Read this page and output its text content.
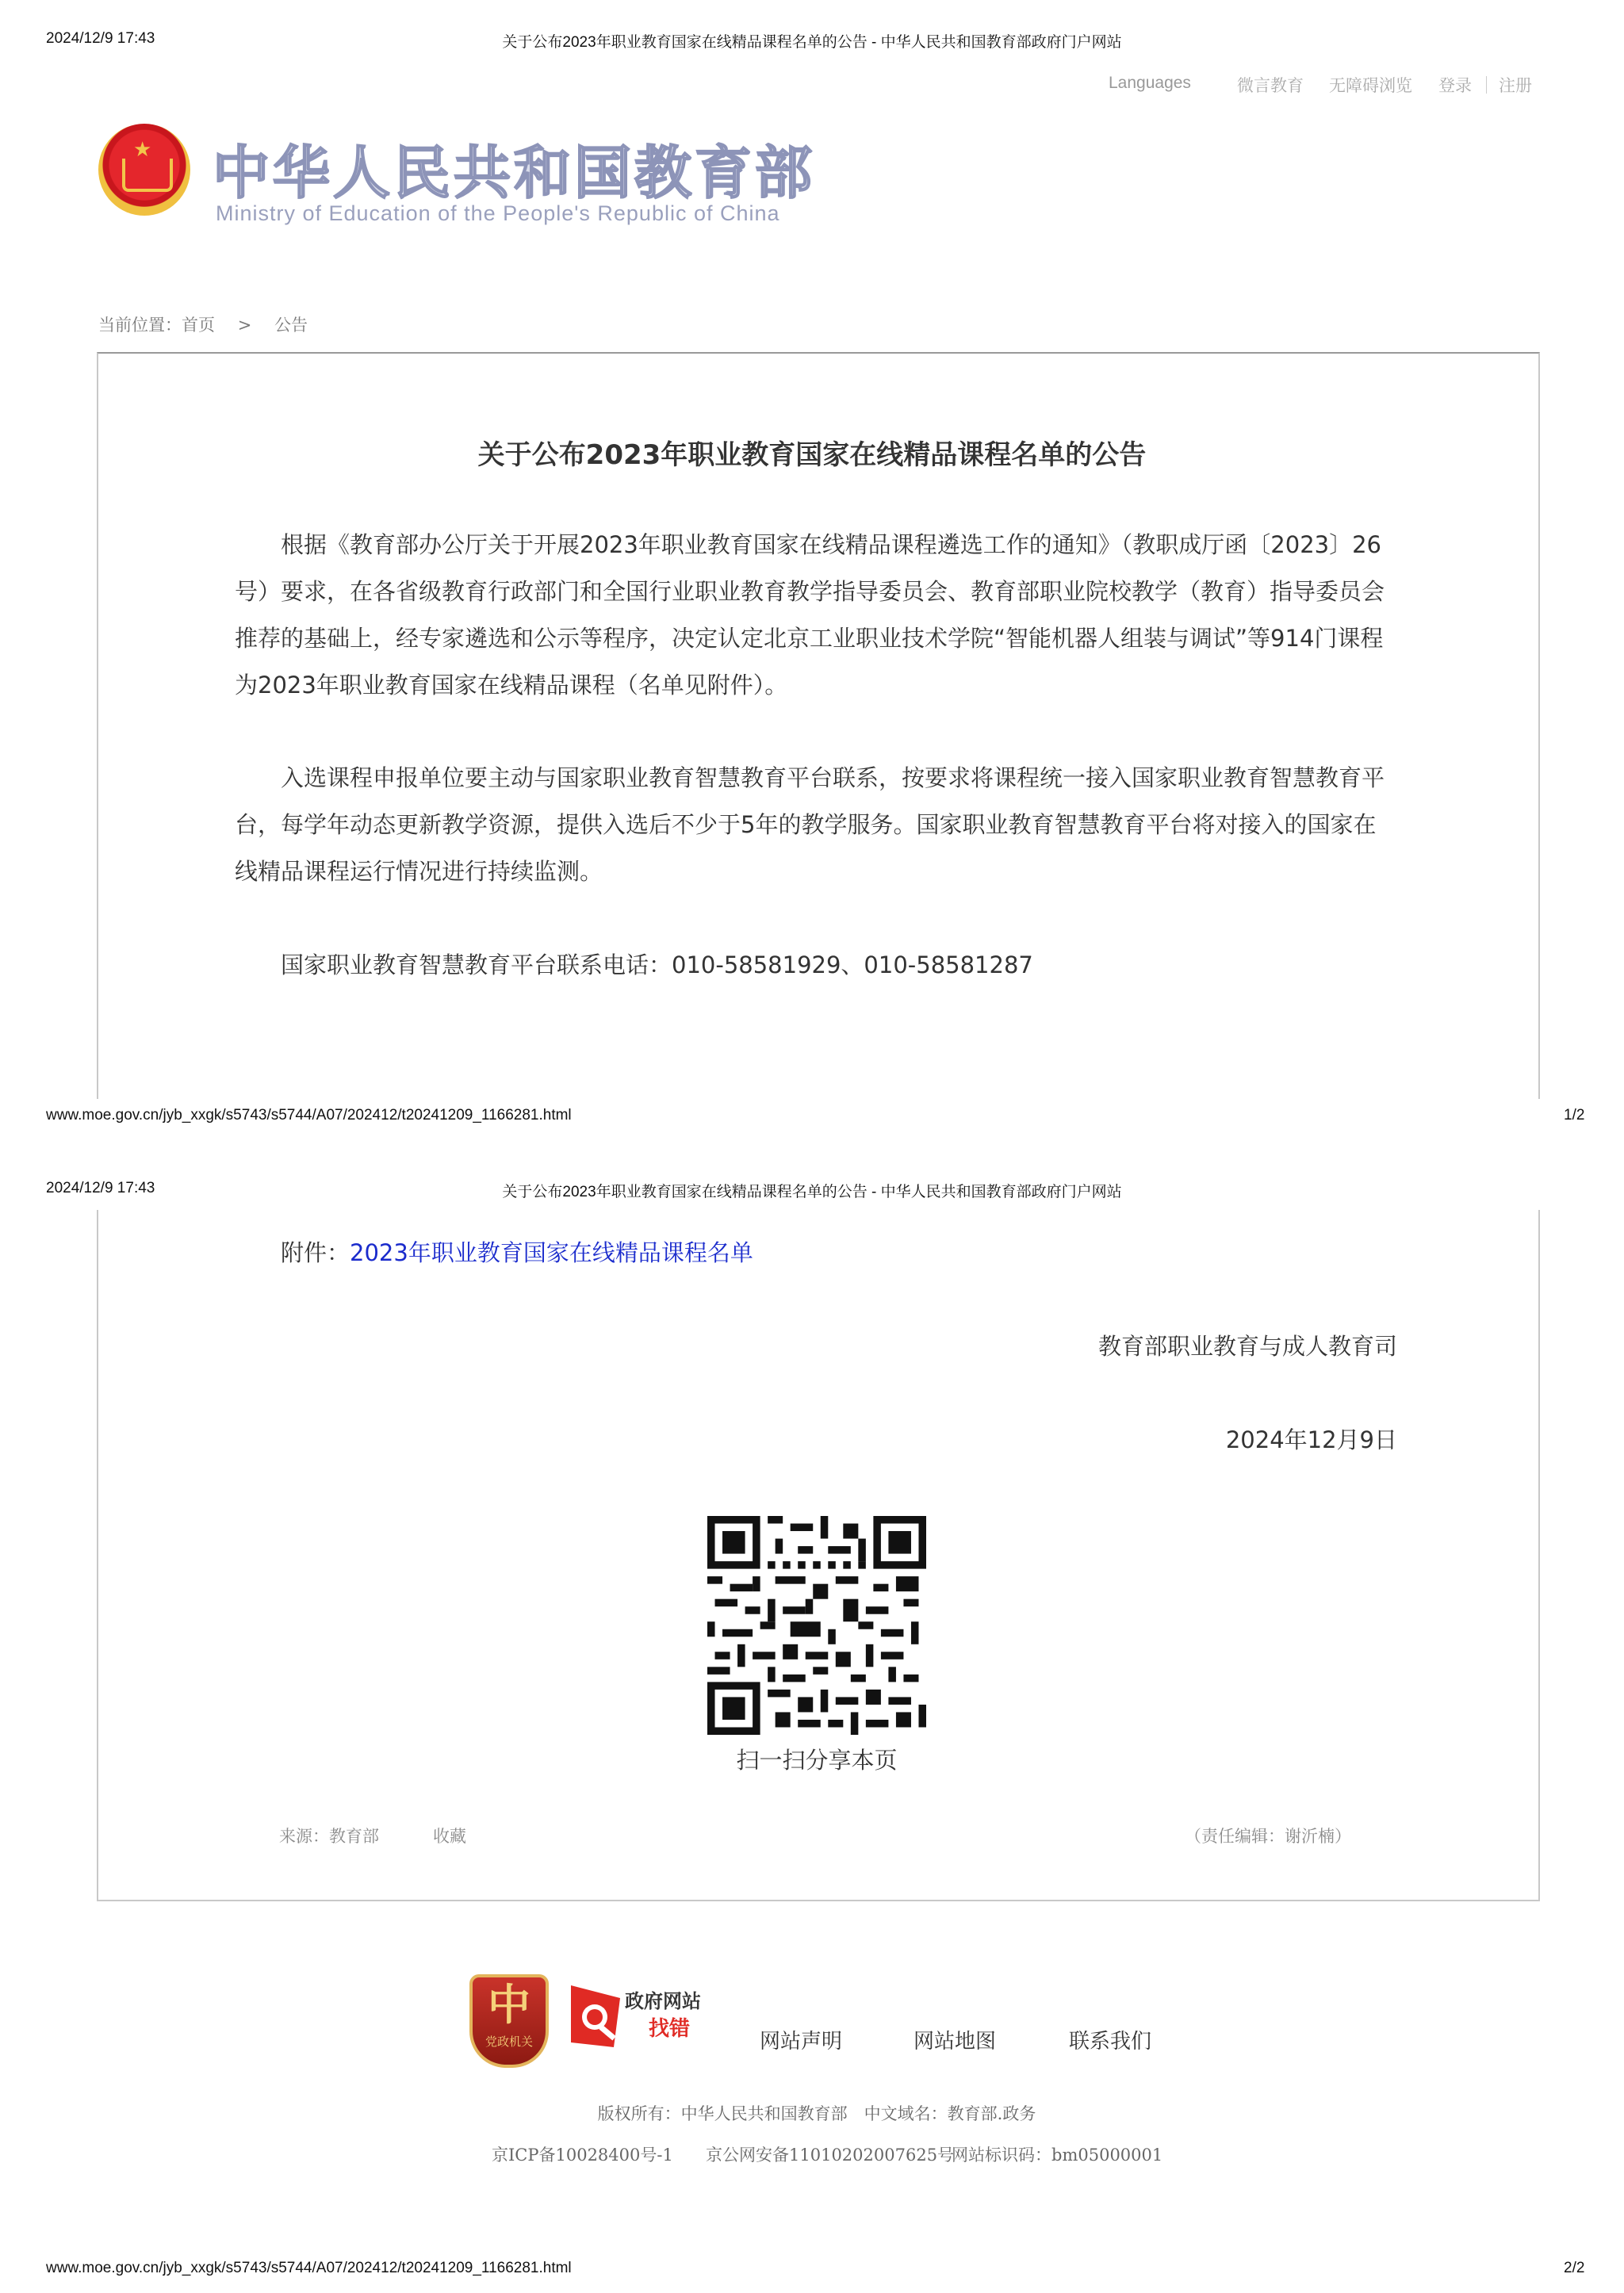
2024/12/9 17:43	关于公布2023年职业教育国家在线精品课程名单的公告 - 中华人民共和国教育部政府门户网站
Languages	微言教育 无障碍浏览 登录 注册
★ 中华人民共和国教育部
Ministry of Education of the People's Republic of China
当前位置：首页 > 公告
关于公布2023年职业教育国家在线精品课程名单的公告

根据《教育部办公厅关于开展2023年职业教育国家在线精品课程遴选工作的通知》（教职成厅函〔2023〕26号）要求，在各省级教育行政部门和全国行业职业教育教学指导委员会、教育部职业院校教学（教育）指导委员会推荐的基础上，经专家遴选和公示等程序，决定认定北京工业职业技术学院“智能机器人组装与调试”等914门课程为2023年职业教育国家在线精品课程（名单见附件）。

入选课程申报单位要主动与国家职业教育智慧教育平台联系，按要求将课程统一接入国家职业教育智慧教育平台，每学年动态更新教学资源，提供入选后不少于5年的教学服务。国家职业教育智慧教育平台将对接入的国家在线精品课程运行情况进行持续监测。

国家职业教育智慧教育平台联系电话：010-58581929、010-58581287

www.moe.gov.cn/jyb_xxgk/s5743/s5744/A07/202412/t20241209_1166281.html	1/2
2024/12/9 17:43	关于公布2023年职业教育国家在线精品课程名单的公告 - 中华人民共和国教育部政府门户网站
附件：2023年职业教育国家在线精品课程名单
教育部职业教育与成人教育司
2024年12月9日
扫一扫分享本页
来源：教育部	收藏	（责任编辑：谢沂楠）
中
党政机关
政府网站
找错
网站声明	网站地图	联系我们
版权所有：中华人民共和国教育部　中文域名：教育部.政务
京ICP备10028400号-1 京公网安备11010202007625号
网站标识码：bm05000001
www.moe.gov.cn/jyb_xxgk/s5743/s5744/A07/202412/t20241209_1166281.html	2/2
